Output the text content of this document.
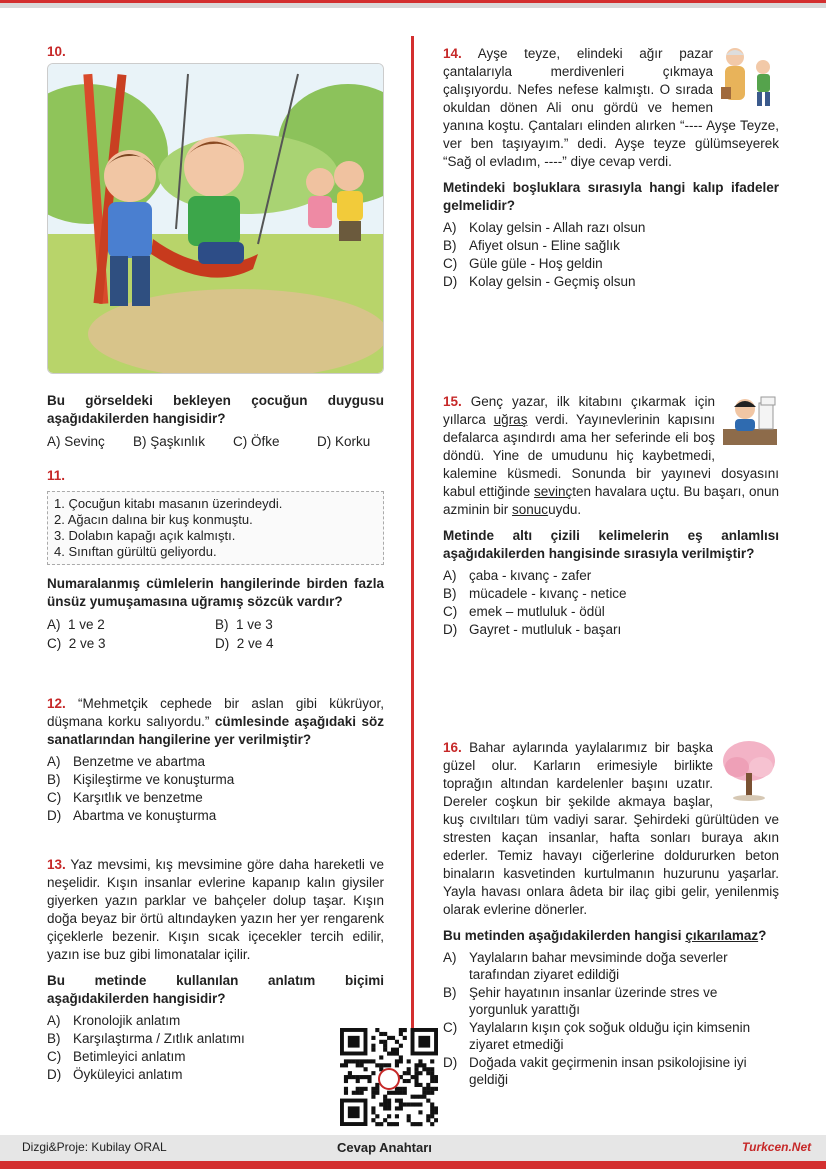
10.

Bu görseldeki bekleyen çocuğun duygusu aşağıdakilerden hangisidir?

A) Sevinç	B) Şaşkınlık	C) Öfke	D) Korku
11.
1. Çocuğun kitabı masanın üzerindeydi.
2. Ağacın dalına bir kuş konmuştu.
3. Dolabın kapağı açık kalmıştı.
4. Sınıftan gürültü geliyordu.

Numaralanmış cümlelerin hangilerinde birden fazla ünsüz yumuşamasına uğramış sözcük vardır?

A) 1 ve 2	B) 1 ve 3
C) 2 ve 3	D) 2 ve 4

12. “Mehmetçik cephede bir aslan gibi kükrüyor, düşmana korku salıyordu.” cümlesinde aşağıdaki söz sanatlarından hangilerine yer verilmiştir?

A) Benzetme ve abartma
B) Kişileştirme ve konuşturma
C) Karşıtlık ve benzetme
D) Abartma ve konuşturma

13. Yaz mevsimi, kış mevsimine göre daha hareketli ve neşelidir. Kışın insanlar evlerine kapanıp kalın giysiler giyerken yazın parklar ve bahçeler dolup taşar. Kışın doğa beyaz bir örtü altındayken yazın her yer rengarenk çiçeklerle bezenir. Kışın sıcak içecekler tercih edilir, yazın ise buz gibi limonatalar içilir.

Bu metinde kullanılan anlatım biçimi aşağıdakilerden hangisidir?

A) Kronolojik anlatım
B) Karşılaştırma / Zıtlık anlatımı
C) Betimleyici anlatım
D) Öyküleyici anlatım

14. Ayşe teyze, elindeki ağır pazar çantalarıyla merdivenleri çıkmaya çalışıyordu. Nefes nefese kalmıştı. O sırada okuldan dönen Ali onu gördü ve hemen yanına koştu. Çantaları elinden alırken “---- Ayşe Teyze, ver ben taşıyayım.” dedi. Ayşe teyze gülümseyerek “Sağ ol evladım, ----” diye cevap verdi.

Metindeki boşluklara sırasıyla hangi kalıp ifadeler gelmelidir?

A) Kolay gelsin - Allah razı olsun
B) Afiyet olsun - Eline sağlık
C) Güle güle - Hoş geldin
D) Kolay gelsin - Geçmiş olsun

15. Genç yazar, ilk kitabını çıkarmak için yıllarca uğraş verdi. Yayınevlerinin kapısını defalarca aşındırdı ama her seferinde eli boş döndü. Yine de umudunu hiç kaybetmedi, kalemine küsmedi. Sonunda bir yayınevi dosyasını kabul ettiğinde sevinçten havalara uçtu. Bu başarı, onun azminin bir sonucuydu.

Metinde altı çizili kelimelerin eş anlamlısı aşağıdakilerden hangisinde sırasıyla verilmiştir?

A) çaba - kıvanç - zafer
B) mücadele - kıvanç - netice
C) emek – mutluluk - ödül
D) Gayret - mutluluk - başarı

16. Bahar aylarında yaylalarımız bir başka güzel olur. Karların erimesiyle birlikte toprağın altından kardelenler başını uzatır. Dereler coşkun bir şekilde akmaya başlar, kuş cıvıltıları tüm vadiyi sarar. Şehirdeki gürültüden ve stresten kaçan insanlar, hafta sonları buraya akın ederler. Temiz havayı ciğerlerine doldururken beton binaların kasvetinden kurtulmanın huzurunu yaşarlar. Yayla havası onlara âdeta bir ilaç gibi gelir, yenilenmiş olarak evlerine dönerler.

Bu metinden aşağıdakilerden hangisi çıkarılamaz?

A) Yaylaların bahar mevsiminde doğa severler tarafından ziyaret edildiği
B) Şehir hayatının insanlar üzerinde stres ve yorgunluk yarattığı
C) Yaylaların kışın çok soğuk olduğu için kimsenin ziyaret etmediği
D) Doğada vakit geçirmenin insan psikolojisine iyi geldiği
Dizgi&Proje: Kubilay ORAL	Cevap Anahtarı	Turkcen.Net
